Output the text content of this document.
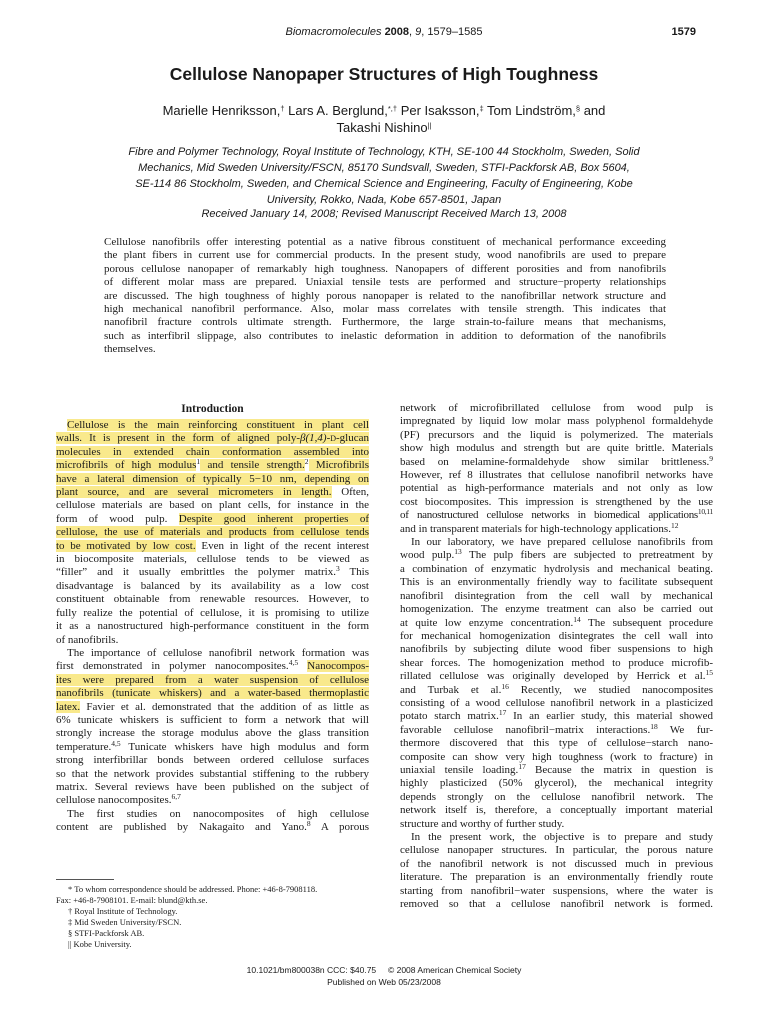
Biomacromolecules 2008, 9, 1579–1585	1579
Cellulose Nanopaper Structures of High Toughness
Marielle Henriksson,† Lars A. Berglund,*,† Per Isaksson,‡ Tom Lindström,§ and
Takashi Nishino||
Fibre and Polymer Technology, Royal Institute of Technology, KTH, SE-100 44 Stockholm, Sweden, Solid
Mechanics, Mid Sweden University/FSCN, 85170 Sundsvall, Sweden, STFI-Packforsk AB, Box 5604,
SE-114 86 Stockholm, Sweden, and Chemical Science and Engineering, Faculty of Engineering, Kobe
University, Rokko, Nada, Kobe 657-8501, Japan
Received January 14, 2008; Revised Manuscript Received March 13, 2008
Cellulose nanofibrils offer interesting potential as a native fibrous constituent of mechanical performance exceeding
the plant fibers in current use for commercial products. In the present study, wood nanofibrils are used to prepare
porous cellulose nanopaper of remarkably high toughness. Nanopapers of different porosities and from nanofibrils
of different molar mass are prepared. Uniaxial tensile tests are performed and structure−property relationships
are discussed. The high toughness of highly porous nanopaper is related to the nanofibrillar network structure and
high mechanical nanofibril performance. Also, molar mass correlates with tensile strength. This indicates that
nanofibril fracture controls ultimate strength. Furthermore, the large strain-to-failure means that mechanisms,
such as interfibril slippage, also contributes to inelastic deformation in addition to deformation of the nanofibrils
themselves.
Introduction
 Cellulose is the main reinforcing constituent in plant cell
walls. It is present in the form of aligned poly-β(1,4)-d-glucan
molecules in extended chain conformation assembled into
microfibrils of high modulus$^1$ and tensile strength.$^2$ Microfibrils
have a lateral dimension of typically 5−10 nm, depending on
plant source, and are several micrometers in length. Often,
cellulose materials are based on plant cells, for instance in the
form of wood pulp. Despite good inherent properties of
cellulose, the use of materials and products from cellulose tends
to be motivated by low cost. Even in light of the recent interest
in biocomposite materials, cellulose tends to be viewed as
“filler” and it usually embrittles the polymer matrix.$^3$ This
disadvantage is balanced by its availability as a low cost
constituent obtainable from renewable resources. However, to
fully realize the potential of cellulose, it is promising to utilize
it as a nanostructured high-performance constituent in the form
of nanofibrils.
 The importance of cellulose nanofibril network formation was
first demonstrated in polymer nanocomposites.$^{4,5}$ Nanocompos-
ites were prepared from a water suspension of cellulose
nanofibrils (tunicate whiskers) and a water-based thermoplastic
latex. Favier et al. demonstrated that the addition of as little as
6% tunicate whiskers is sufficient to form a network that will
strongly increase the storage modulus above the glass transition
temperature.$^{4,5}$ Tunicate whiskers have high modulus and form
strong interfibrillar bonds between ordered cellulose surfaces
so that the network provides substantial stiffening to the rubbery
matrix. Several reviews have been published on the subject of
cellulose nanocomposites.$^{6,7}$
 The first studies on nanocomposites of high cellulose
content are published by Nakagaito and Yano.$^8$ A porous
* To whom correspondence should be addressed. Phone: +46-8-7908118.
Fax: +46-8-7908101. E-mail: blund@kth.se.
† Royal Institute of Technology.
‡ Mid Sweden University/FSCN.
§ STFI-Packforsk AB.
|| Kobe University.
network of microfibrillated cellulose from wood pulp is
impregnated by liquid low molar mass polyphenol formaldehyde
(PF) precursors and the liquid is polymerized. The materials
show high modulus and strength but are quite brittle. Materials
based on melamine-formaldehyde show similar brittleness.$^9$
However, ref 8 illustrates that cellulose nanofibril networks have
potential as high-performance materials and not only as low
cost biocomposites. This impression is strengthened by the use
of nanostructured cellulose networks in biomedical applications$^{10,11}$
and in transparent materials for high-technology applications.$^{12}$
 In our laboratory, we have prepared cellulose nanofibrils from
wood pulp.$^{13}$ The pulp fibers are subjected to pretreatment by
a combination of enzymatic hydrolysis and mechanical beating.
This is an environmentally friendly way to facilitate subsequent
nanofibril disintegration from the cell wall by mechanical
homogenization. The enzyme treatment can also be carried out
at quite low enzyme concentration.$^{14}$ The subsequent procedure
for mechanical homogenization disintegrates the cell wall into
nanofibrils by subjecting dilute wood fiber suspensions to high
shear forces. The homogenization method to produce microfib-
rillated cellulose was originally developed by Herrick et al.$^{15}$
and Turbak et al.$^{16}$ Recently, we studied nanocomposites
consisting of a wood cellulose nanofibril network in a plasticized
potato starch matrix.$^{17}$ In an earlier study, this material showed
favorable cellulose nanofibril−matrix interactions.$^{18}$ We fur-
thermore discovered that this type of cellulose−starch nano-
composite can show very high toughness (work to fracture) in
uniaxial tensile loading.$^{17}$ Because the matrix in question is
highly plasticized (50% glycerol), the mechanical integrity
depends strongly on the cellulose nanofibril network. The
network itself is, therefore, a conceptually important material
structure and worthy of further study.
 In the present work, the objective is to prepare and study
cellulose nanopaper structures. In particular, the porous nature
of the nanofibril network is not discussed much in previous
literature. The preparation is an environmentally friendly route
starting from nanofibril−water suspensions, where the water is
removed so that a cellulose nanofibril network is formed.
10.1021/bm800038n CCC: $40.75 © 2008 American Chemical Society
Published on Web 05/23/2008
